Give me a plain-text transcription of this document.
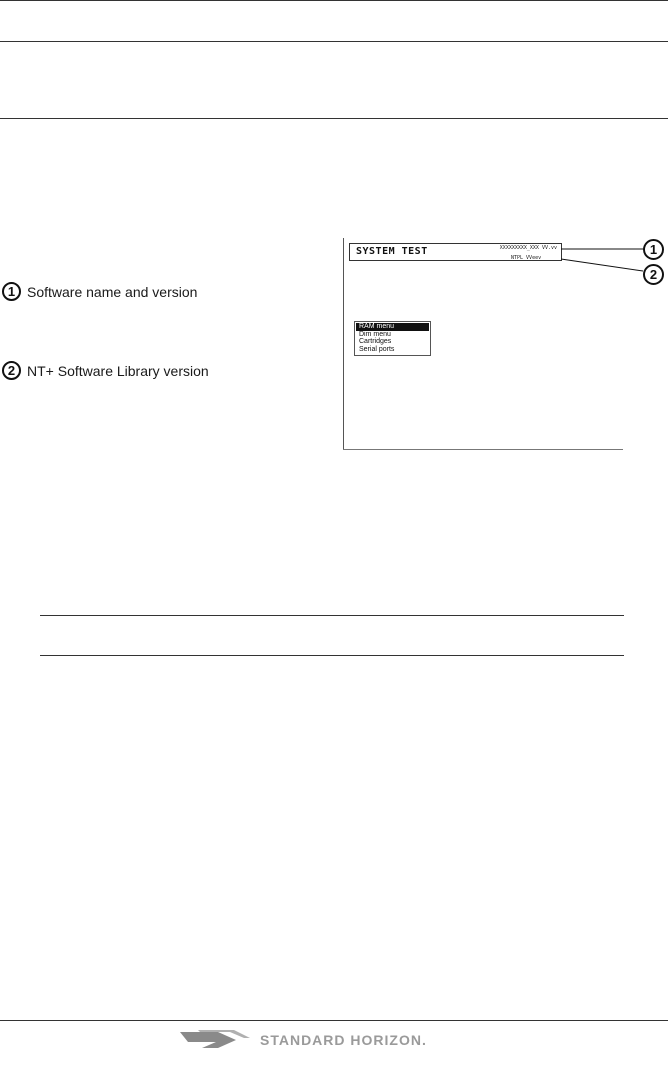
1 Software name and version
2 NT+ Software Library version
SYSTEM TEST	XXXXXXXXX_XXX VV.vv
NTPL VVeev
RAM menu
Dim menu
Cartridges
Serial ports
1
2
STANDARD HORIZON.
